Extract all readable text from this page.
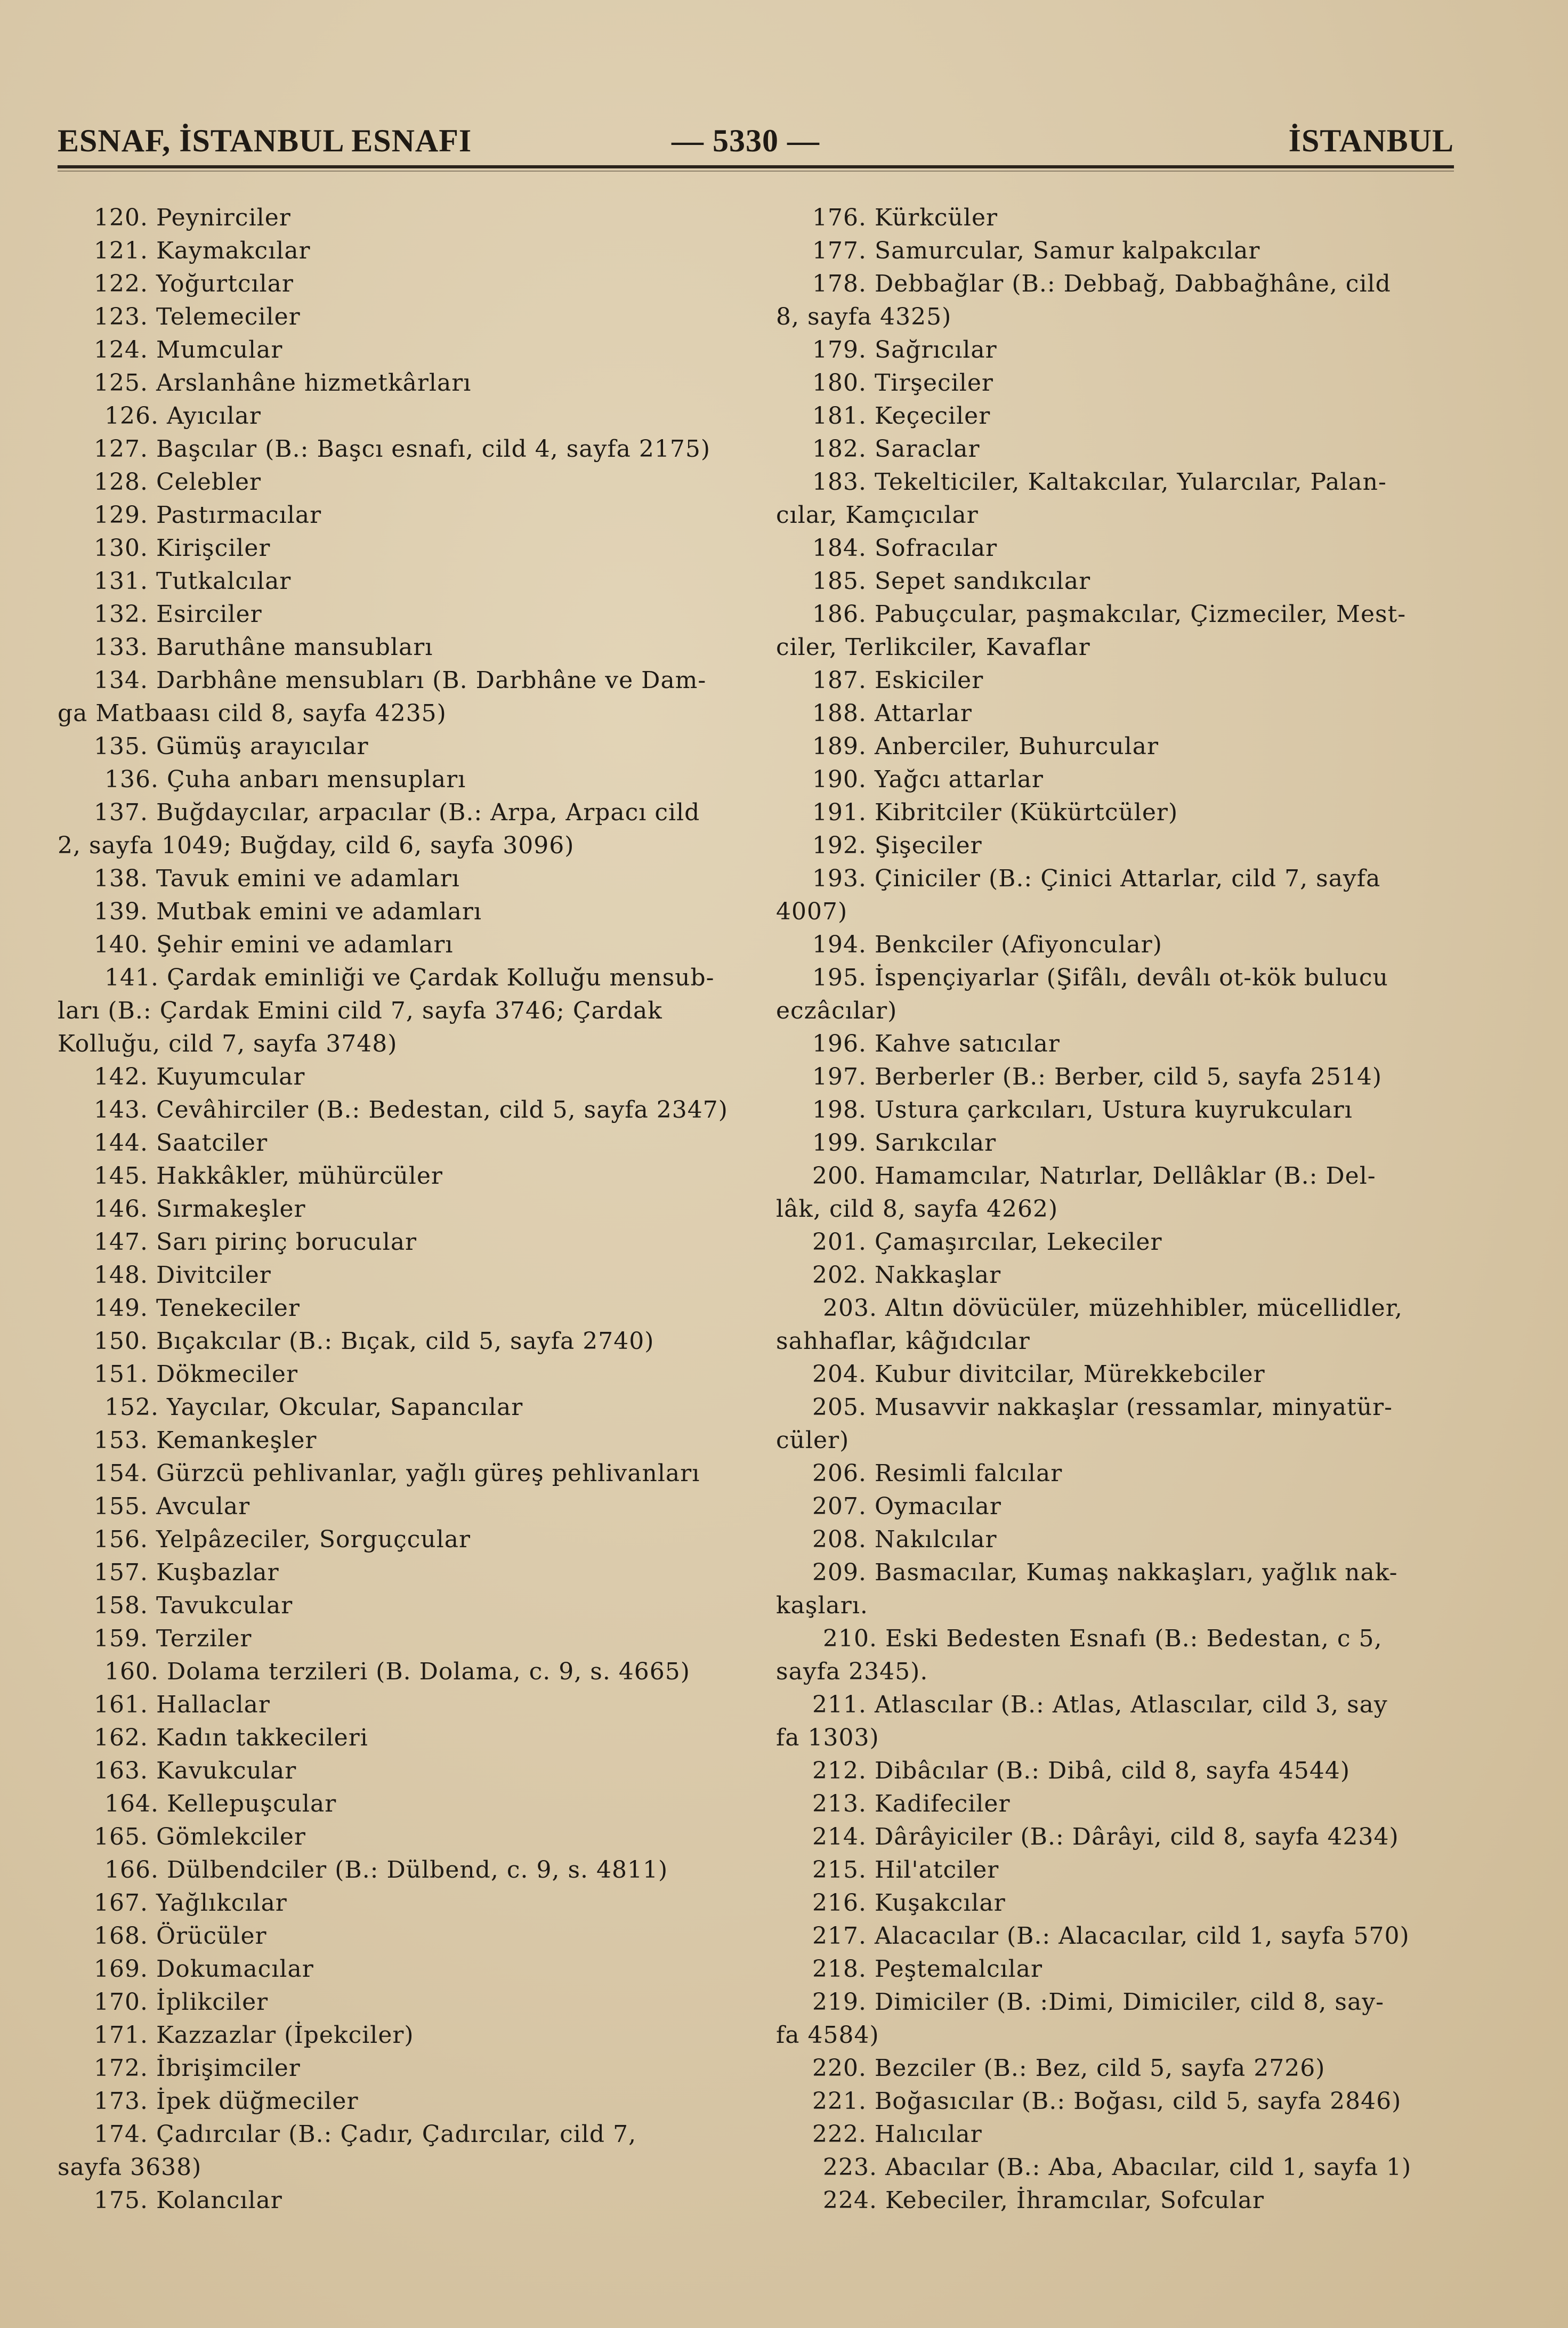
ESNAF, İSTANBUL ESNAFI	— 5330 —	İSTANBUL
120. Peynirciler
121. Kaymakcılar
122. Yoğurtcılar
123. Telemeciler
124. Mumcular
125. Arslanhâne hizmetkârları
126. Ayıcılar
127. Başcılar (B.: Başcı esnafı, cild 4, sayfa 2175)
128. Celebler
129. Pastırmacılar
130. Kirişciler
131. Tutkalcılar
132. Esirciler
133. Baruthâne mansubları
134. Darbhâne mensubları (B. Darbhâne ve Dam-
ga Matbaası cild 8, sayfa 4235)
135. Gümüş arayıcılar
136. Çuha anbarı mensupları
137. Buğdaycılar, arpacılar (B.: Arpa, Arpacı cild
2, sayfa 1049; Buğday, cild 6, sayfa 3096)
138. Tavuk emini ve adamları
139. Mutbak emini ve adamları
140. Şehir emini ve adamları
141. Çardak eminliği ve Çardak Kolluğu mensub-
ları (B.: Çardak Emini cild 7, sayfa 3746; Çardak
Kolluğu, cild 7, sayfa 3748)
142. Kuyumcular
143. Cevâhirciler (B.: Bedestan, cild 5, sayfa 2347)
144. Saatciler
145. Hakkâkler, mühürcüler
146. Sırmakeşler
147. Sarı pirinç borucular
148. Divitciler
149. Tenekeciler
150. Bıçakcılar (B.: Bıçak, cild 5, sayfa 2740)
151. Dökmeciler
152. Yaycılar, Okcular, Sapancılar
153. Kemankeşler
154. Gürzcü pehlivanlar, yağlı güreş pehlivanları
155. Avcular
156. Yelpâzeciler, Sorguçcular
157. Kuşbazlar
158. Tavukcular
159. Terziler
160. Dolama terzileri (B. Dolama, c. 9, s. 4665)
161. Hallaclar
162. Kadın takkecileri
163. Kavukcular
164. Kellepuşcular
165. Gömlekciler
166. Dülbendciler (B.: Dülbend, c. 9, s. 4811)
167. Yağlıkcılar
168. Örücüler
169. Dokumacılar
170. İplikciler
171. Kazzazlar (İpekciler)
172. İbrişimciler
173. İpek düğmeciler
174. Çadırcılar (B.: Çadır, Çadırcılar, cild 7,
sayfa 3638)
175. Kolancılar
176. Kürkcüler
177. Samurcular, Samur kalpakcılar
178. Debbağlar (B.: Debbağ, Dabbağhâne, cild
8, sayfa 4325)
179. Sağrıcılar
180. Tirşeciler
181. Keçeciler
182. Saraclar
183. Tekelticiler, Kaltakcılar, Yularcılar, Palan-
cılar, Kamçıcılar
184. Sofracılar
185. Sepet sandıkcılar
186. Pabuçcular, paşmakcılar, Çizmeciler, Mest-
ciler, Terlikciler, Kavaflar
187. Eskiciler
188. Attarlar
189. Anberciler, Buhurcular
190. Yağcı attarlar
191. Kibritciler (Kükürtcüler)
192. Şişeciler
193. Çiniciler (B.: Çinici Attarlar, cild 7, sayfa
4007)
194. Benkciler (Afiyoncular)
195. İspençiyarlar (Şifâlı, devâlı ot-kök bulucu
eczâcılar)
196. Kahve satıcılar
197. Berberler (B.: Berber, cild 5, sayfa 2514)
198. Ustura çarkcıları, Ustura kuyrukcuları
199. Sarıkcılar
200. Hamamcılar, Natırlar, Dellâklar (B.: Del-
lâk, cild 8, sayfa 4262)
201. Çamaşırcılar, Lekeciler
202. Nakkaşlar
203. Altın dövücüler, müzehhibler, mücellidler,
sahhaflar, kâğıdcılar
204. Kubur divitcilar, Mürekkebciler
205. Musavvir nakkaşlar (ressamlar, minyatür-
cüler)
206. Resimli falcılar
207. Oymacılar
208. Nakılcılar
209. Basmacılar, Kumaş nakkaşları, yağlık nak-
kaşları.
210. Eski Bedesten Esnafı (B.: Bedestan, c 5,
sayfa 2345).
211. Atlascılar (B.: Atlas, Atlascılar, cild 3, say
fa 1303)
212. Dibâcılar (B.: Dibâ, cild 8, sayfa 4544)
213. Kadifeciler
214. Dârâyiciler (B.: Dârâyi, cild 8, sayfa 4234)
215. Hil'atciler
216. Kuşakcılar
217. Alacacılar (B.: Alacacılar, cild 1, sayfa 570)
218. Peştemalcılar
219. Dimiciler (B. :Dimi, Dimiciler, cild 8, say-
fa 4584)
220. Bezciler (B.: Bez, cild 5, sayfa 2726)
221. Boğasıcılar (B.: Boğası, cild 5, sayfa 2846)
222. Halıcılar
223. Abacılar (B.: Aba, Abacılar, cild 1, sayfa 1)
224. Kebeciler, İhramcılar, Sofcular
